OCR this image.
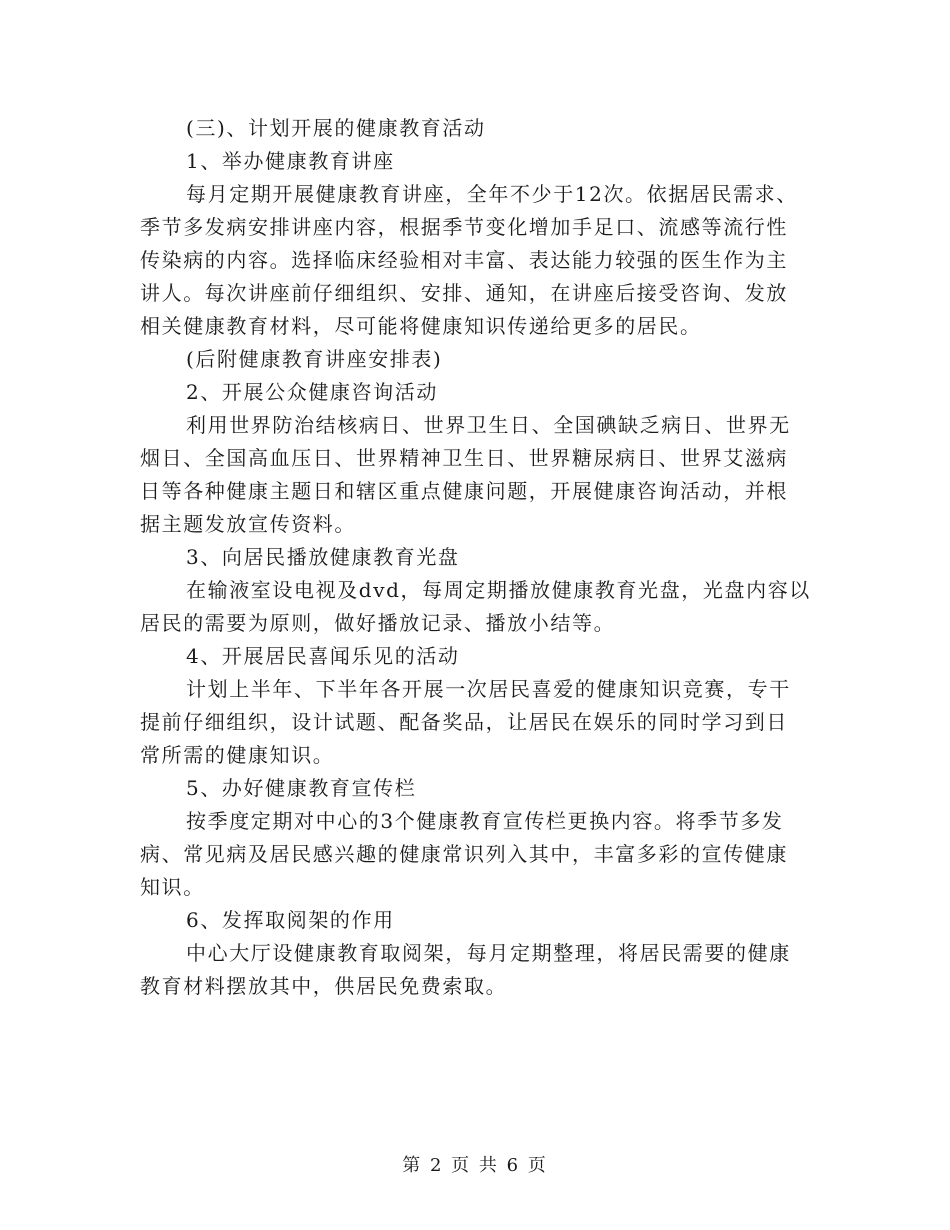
(三)、计划开展的健康教育活动
1、举办健康教育讲座
每月定期开展健康教育讲座，全年不少于12次。依据居民需求、
季节多发病安排讲座内容，根据季节变化增加手足口、流感等流行性
传染病的内容。选择临床经验相对丰富、表达能力较强的医生作为主
讲人。每次讲座前仔细组织、安排、通知，在讲座后接受咨询、发放
相关健康教育材料，尽可能将健康知识传递给更多的居民。
(后附健康教育讲座安排表)
2、开展公众健康咨询活动
利用世界防治结核病日、世界卫生日、全国碘缺乏病日、世界无
烟日、全国高血压日、世界精神卫生日、世界糖尿病日、世界艾滋病
日等各种健康主题日和辖区重点健康问题，开展健康咨询活动，并根
据主题发放宣传资料。
3、向居民播放健康教育光盘
在输液室设电视及dvd，每周定期播放健康教育光盘，光盘内容以
居民的需要为原则，做好播放记录、播放小结等。
4、开展居民喜闻乐见的活动
计划上半年、下半年各开展一次居民喜爱的健康知识竞赛，专干
提前仔细组织，设计试题、配备奖品，让居民在娱乐的同时学习到日
常所需的健康知识。
5、办好健康教育宣传栏
按季度定期对中心的3个健康教育宣传栏更换内容。将季节多发
病、常见病及居民感兴趣的健康常识列入其中，丰富多彩的宣传健康
知识。
6、发挥取阅架的作用
中心大厅设健康教育取阅架，每月定期整理，将居民需要的健康
教育材料摆放其中，供居民免费索取。
第 2 页 共 6 页
